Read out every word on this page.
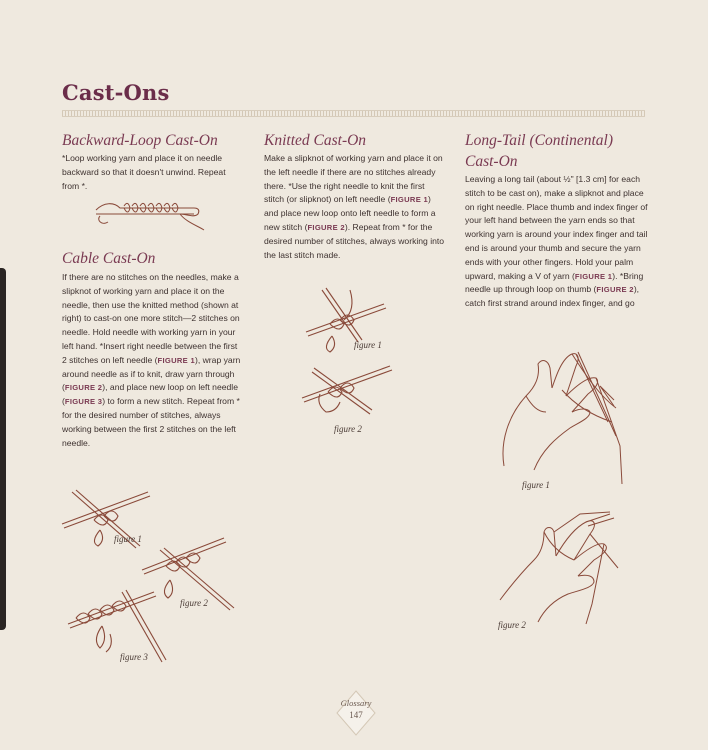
Cast-Ons
Backward-Loop Cast-On

*Loop working yarn and place it on needle backward so that it doesn't unwind. Repeat from *.

Cable Cast-On

If there are no stitches on the needles, make a slipknot of working yarn and place it on the needle, then use the knitted method (shown at right) to cast-on one more stitch—2 stitches on needle. Hold needle with working yarn in your left hand. *Insert right needle between the first 2 stitches on left needle (FIGURE 1), wrap yarn around needle as if to knit, draw yarn through (FIGURE 2), and place new loop on left needle (FIGURE 3) to form a new stitch. Repeat from * for the desired number of stitches, always working between the first 2 stitches on the left needle.

figure 1
figure 2
figure 3
Knitted Cast-On

Make a slipknot of working yarn and place it on the left needle if there are no stitches already there. *Use the right needle to knit the first stitch (or slipknot) on left needle (FIGURE 1) and place new loop onto left needle to form a new stitch (FIGURE 2). Repeat from * for the desired number of stitches, always working into the last stitch made.

figure 1
figure 2
Long-Tail (Continental)
Cast-On

Leaving a long tail (about ½" [1.3 cm] for each stitch to be cast on), make a slipknot and place on right needle. Place thumb and index finger of your left hand between the yarn ends so that working yarn is around your index finger and tail end is around your thumb and secure the yarn ends with your other fingers. Hold your palm upward, making a V of yarn (FIGURE 1). *Bring needle up through loop on thumb (FIGURE 2), catch first strand around index finger, and go

figure 1
figure 2
Glossary
147
